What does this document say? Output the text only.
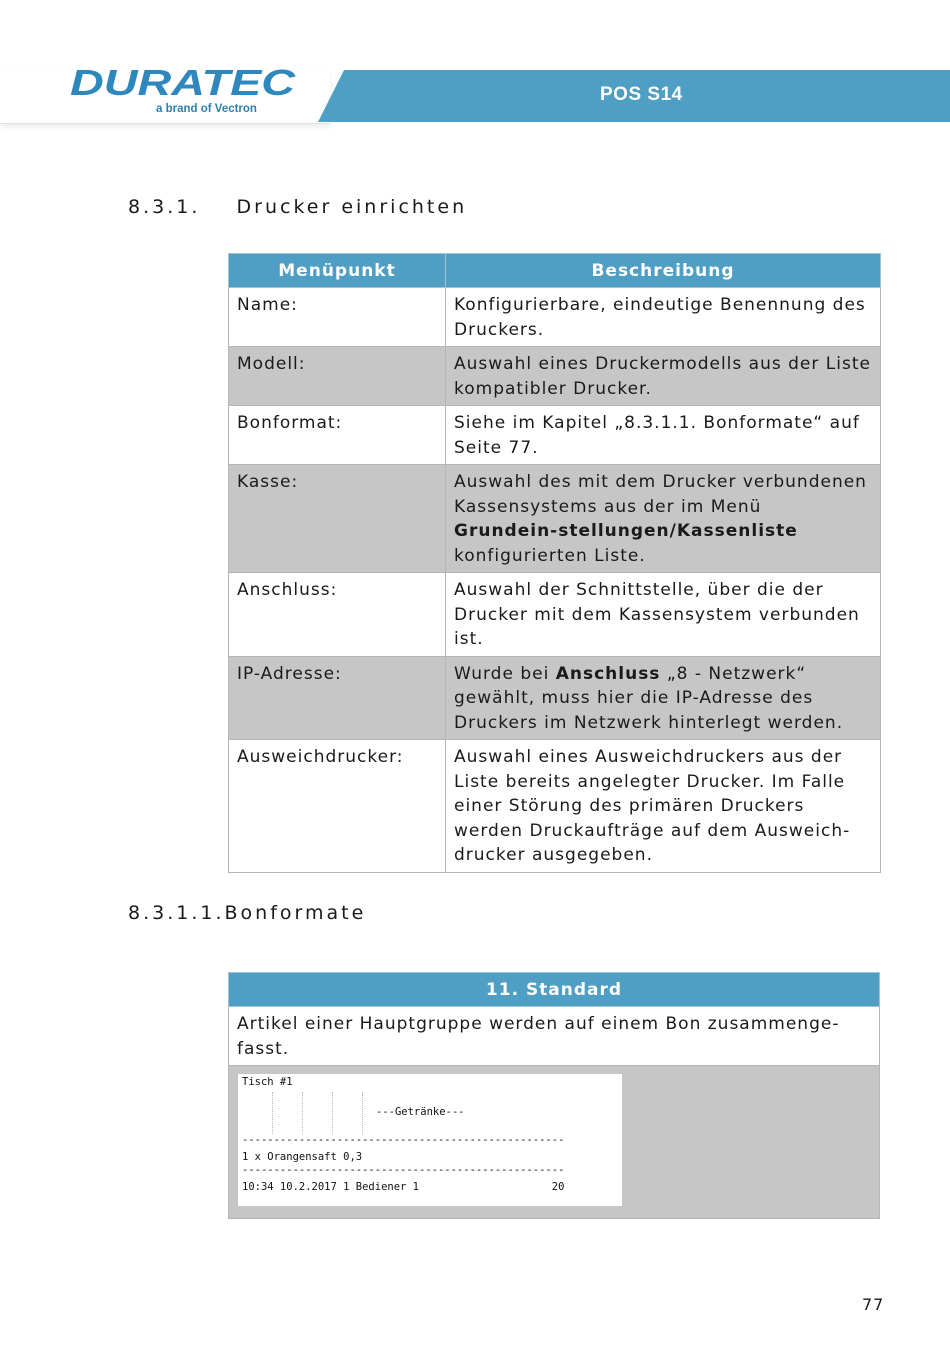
DURATEC
a brand of Vectron
POS S14
8.3.1.    Drucker einrichten
Menüpunkt	Beschreibung
Name:	Konfigurierbare, eindeutige Benennung des Druckers.
Modell:	Auswahl eines Druckermodells aus der Liste kompatibler Drucker.
Bonformat:	Siehe im Kapitel „8.3.1.1. Bonformate“ auf Seite 77.
Kasse:	Auswahl des mit dem Drucker verbundenen Kassensystems aus der im Menü Grundein-stellungen/Kassenliste konfigurierten Liste.
Anschluss:	Auswahl der Schnittstelle, über die der Drucker mit dem Kassensystem verbunden ist.
IP-Adresse:	Wurde bei Anschluss „8 - Netzwerk“ gewählt, muss hier die IP-Adresse des Druckers im Netzwerk hinterlegt werden.
Ausweichdrucker:	Auswahl eines Ausweichdruckers aus der Liste bereits angelegter Drucker. Im Falle einer Störung des primären Druckers werden Druckaufträge auf dem Ausweich-drucker ausgegeben.
8.3.1.1.Bonformate
11. Standard
Artikel einer Hauptgruppe werden auf einem Bon zusammenge-fasst.

Tisch #1
---Getränke---
---------------------------------------------------
1 x Orangensaft 0,3
---------------------------------------------------
10:34 10.2.2017 1 Bediener 1                     20
77
